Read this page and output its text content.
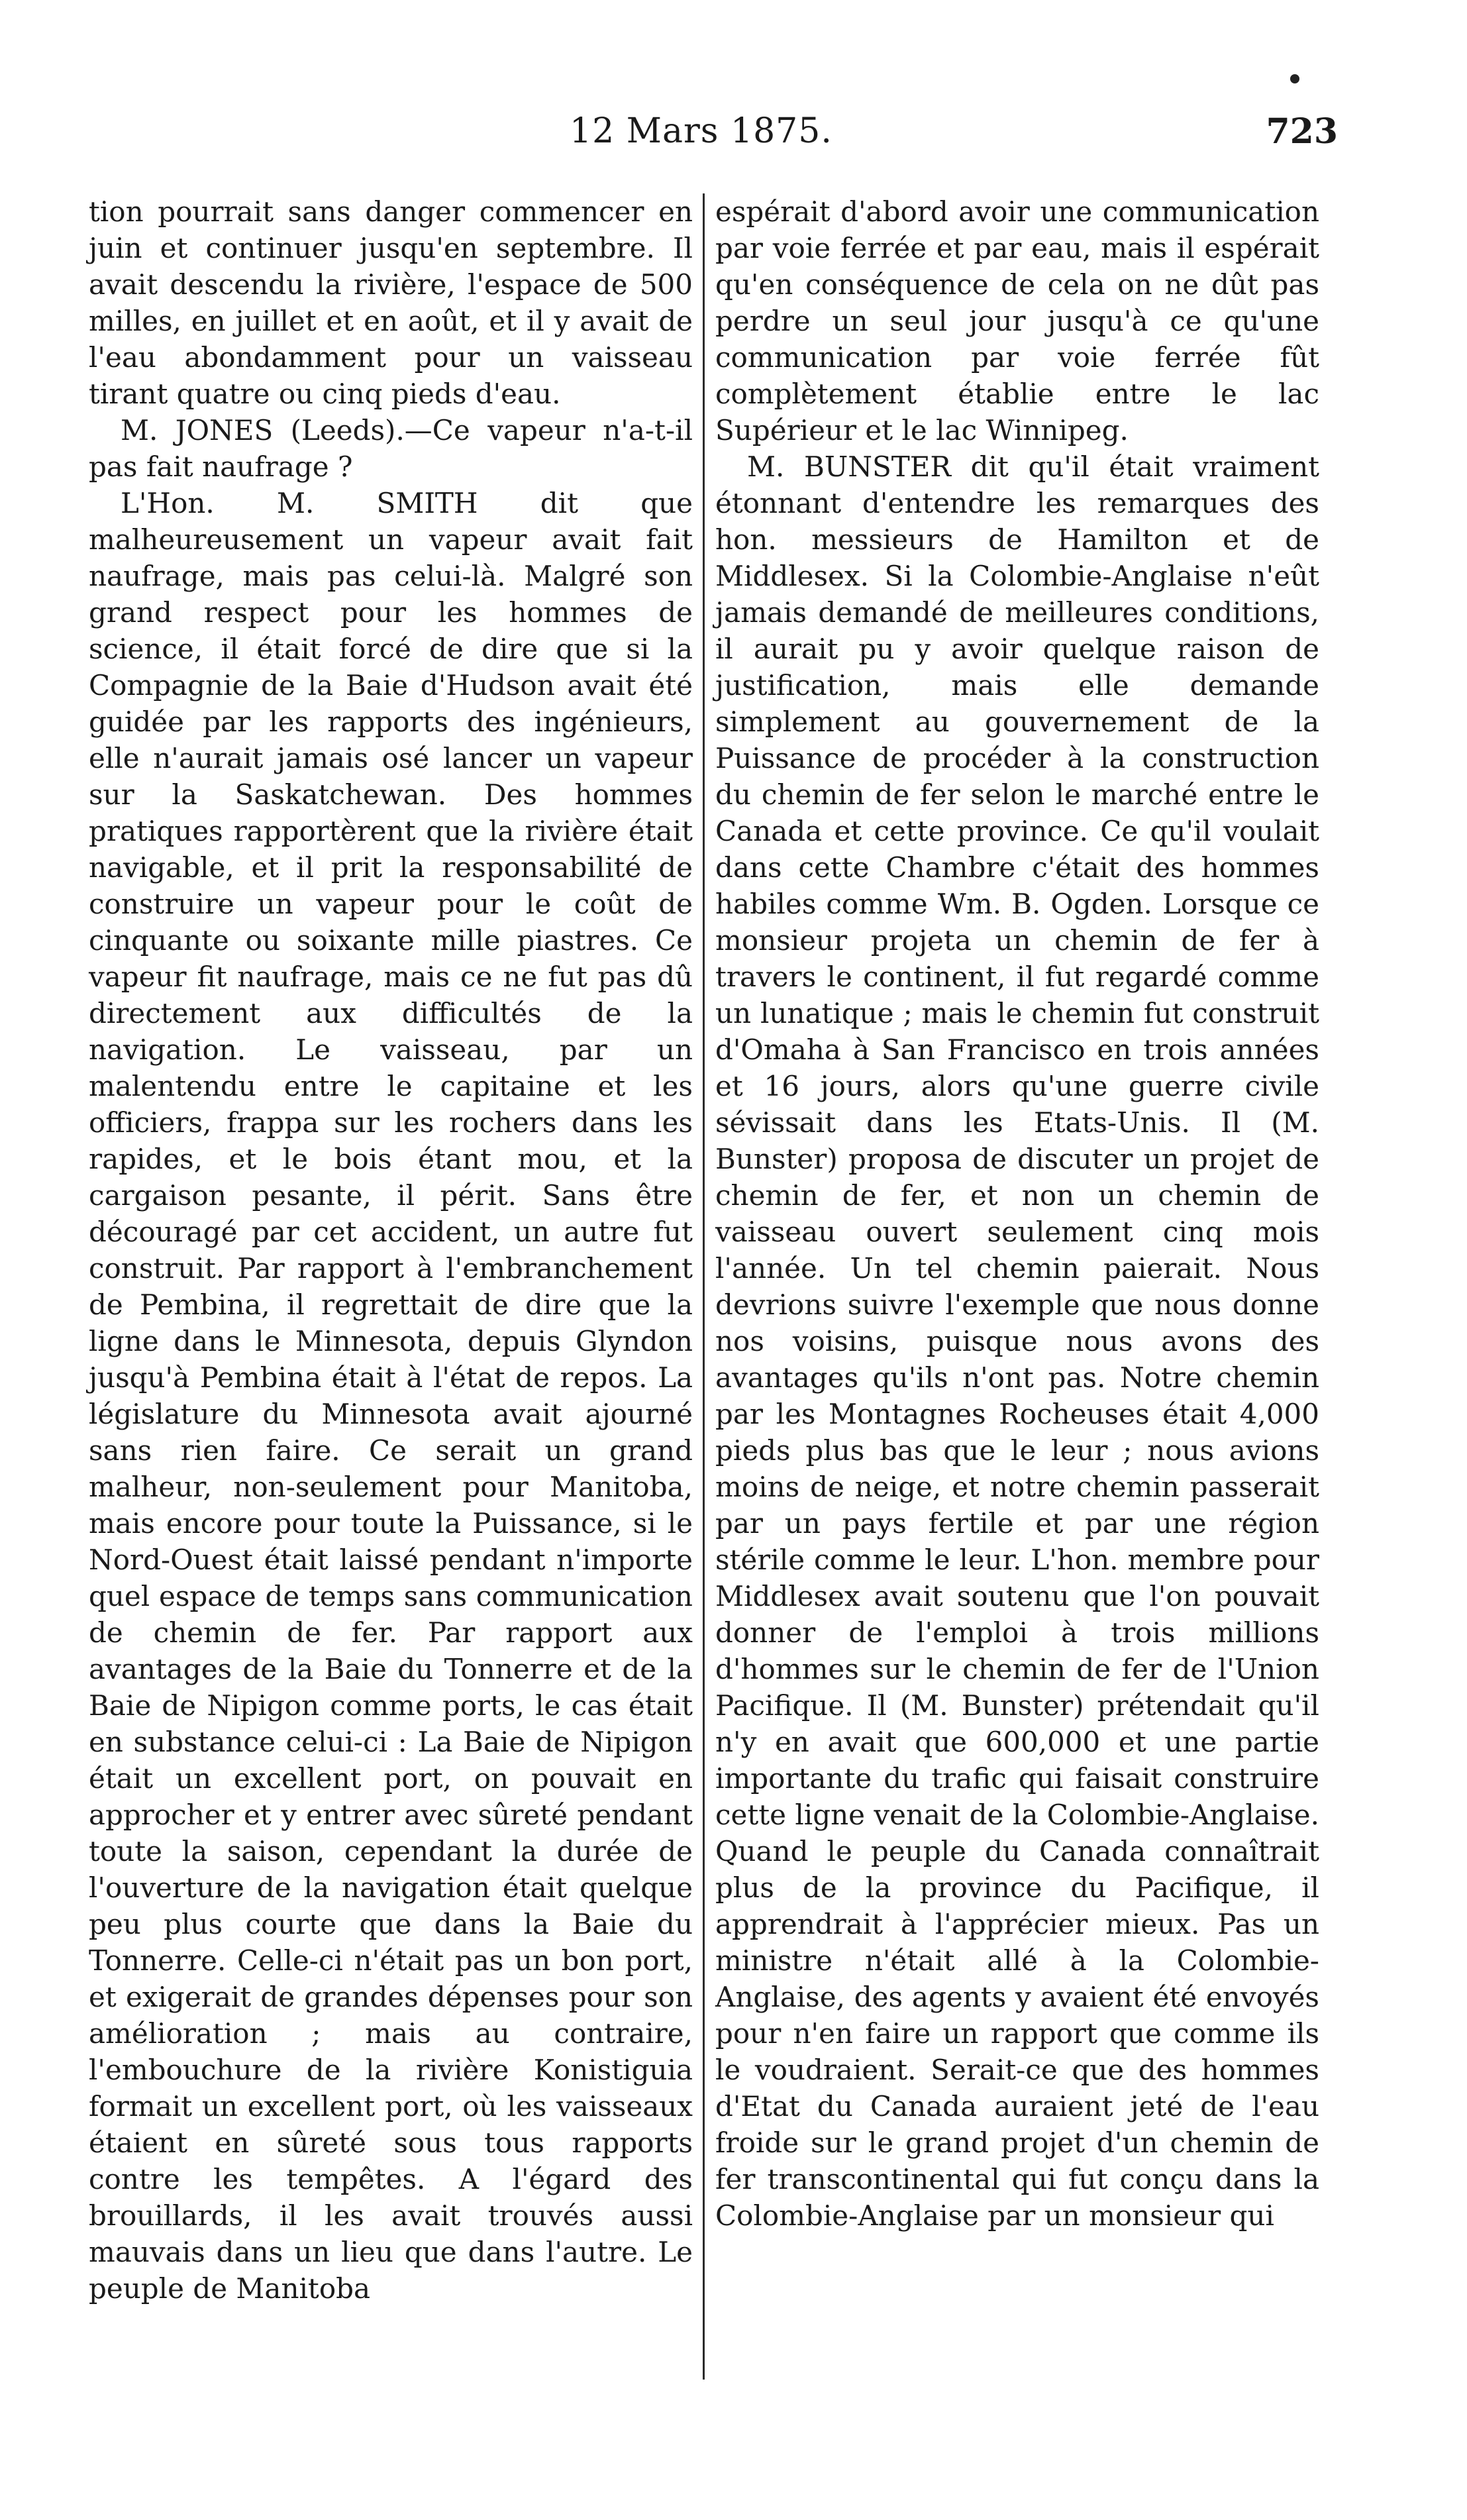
12 Mars 1875.	723

tion pourrait sans danger commencer en juin et continuer jusqu'en septembre. Il avait descendu la rivière, l'espace de 500 milles, en juillet et en août, et il y avait de l'eau abondamment pour un vaisseau tirant quatre ou cinq pieds d'eau.

M. JONES (Leeds).—Ce vapeur n'a-t-il pas fait naufrage ?

L'Hon. M. SMITH dit que malheureusement un vapeur avait fait naufrage, mais pas celui-là. Malgré son grand respect pour les hommes de science, il était forcé de dire que si la Compagnie de la Baie d'Hudson avait été guidée par les rapports des ingénieurs, elle n'aurait jamais osé lancer un vapeur sur la Saskatchewan. Des hommes pratiques rapportèrent que la rivière était navigable, et il prit la responsabilité de construire un vapeur pour le coût de cinquante ou soixante mille piastres. Ce vapeur fit naufrage, mais ce ne fut pas dû directement aux difficultés de la navigation. Le vaisseau, par un malentendu entre le capitaine et les officiers, frappa sur les rochers dans les rapides, et le bois étant mou, et la cargaison pesante, il périt. Sans être découragé par cet accident, un autre fut construit. Par rapport à l'embranchement de Pembina, il regrettait de dire que la ligne dans le Minnesota, depuis Glyndon jusqu'à Pembina était à l'état de repos. La législature du Minnesota avait ajourné sans rien faire. Ce serait un grand malheur, non-seulement pour Manitoba, mais encore pour toute la Puissance, si le Nord-Ouest était laissé pendant n'importe quel espace de temps sans communication de chemin de fer. Par rapport aux avantages de la Baie du Tonnerre et de la Baie de Nipigon comme ports, le cas était en substance celui-ci : La Baie de Nipigon était un excellent port, on pouvait en approcher et y entrer avec sûreté pendant toute la saison, cependant la durée de l'ouverture de la navigation était quelque peu plus courte que dans la Baie du Tonnerre. Celle-ci n'était pas un bon port, et exigerait de grandes dépenses pour son amélioration ; mais au contraire, l'embouchure de la rivière Konistiguia formait un excellent port, où les vaisseaux étaient en sûreté sous tous rapports contre les tempêtes. A l'égard des brouillards, il les avait trouvés aussi mauvais dans un lieu que dans l'autre. Le peuple de Manitoba

espérait d'abord avoir une communication par voie ferrée et par eau, mais il espérait qu'en conséquence de cela on ne dût pas perdre un seul jour jusqu'à ce qu'une communication par voie ferrée fût complètement établie entre le lac Supérieur et le lac Winnipeg.

M. BUNSTER dit qu'il était vraiment étonnant d'entendre les remarques des hon. messieurs de Hamilton et de Middlesex. Si la Colombie-Anglaise n'eût jamais demandé de meilleures conditions, il aurait pu y avoir quelque raison de justification, mais elle demande simplement au gouvernement de la Puissance de procéder à la construction du chemin de fer selon le marché entre le Canada et cette province. Ce qu'il voulait dans cette Chambre c'était des hommes habiles comme Wm. B. Ogden. Lorsque ce monsieur projeta un chemin de fer à travers le continent, il fut regardé comme un lunatique ; mais le chemin fut construit d'Omaha à San Francisco en trois années et 16 jours, alors qu'une guerre civile sévissait dans les Etats-Unis. Il (M. Bunster) proposa de discuter un projet de chemin de fer, et non un chemin de vaisseau ouvert seulement cinq mois l'année. Un tel chemin paierait. Nous devrions suivre l'exemple que nous donne nos voisins, puisque nous avons des avantages qu'ils n'ont pas. Notre chemin par les Montagnes Rocheuses était 4,000 pieds plus bas que le leur ; nous avions moins de neige, et notre chemin passerait par un pays fertile et par une région stérile comme le leur. L'hon. membre pour Middlesex avait soutenu que l'on pouvait donner de l'emploi à trois millions d'hommes sur le chemin de fer de l'Union Pacifique. Il (M. Bunster) prétendait qu'il n'y en avait que 600,000 et une partie importante du trafic qui faisait construire cette ligne venait de la Colombie-Anglaise. Quand le peuple du Canada connaîtrait plus de la province du Pacifique, il apprendrait à l'apprécier mieux. Pas un ministre n'était allé à la Colombie-Anglaise, des agents y avaient été envoyés pour n'en faire un rapport que comme ils le voudraient. Serait-ce que des hommes d'Etat du Canada auraient jeté de l'eau froide sur le grand projet d'un chemin de fer transcontinental qui fut conçu dans la Colombie-Anglaise par un monsieur qui
